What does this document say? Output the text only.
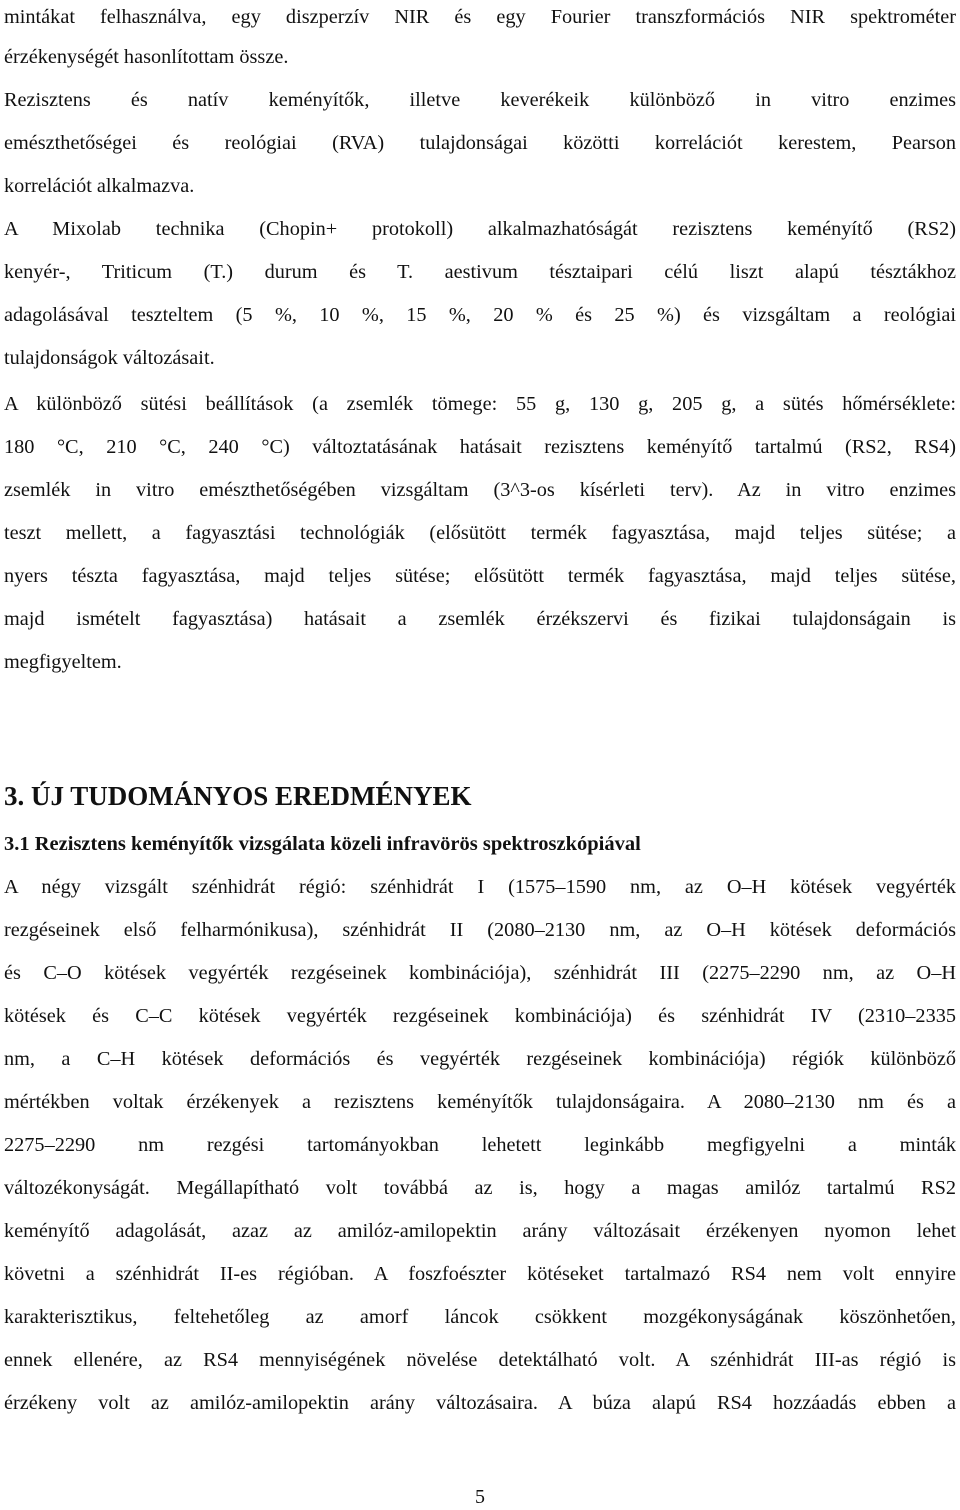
mintákat felhasználva, egy diszperzív NIR és egy Fourier transzformációs NIR spektrométer
érzékenységét hasonlítottam össze.
Rezisztens és natív keményítők, illetve keverékeik különböző in vitro enzimes
emészthetőségei és reológiai (RVA) tulajdonságai közötti korrelációt kerestem, Pearson
korrelációt alkalmazva.
A Mixolab technika (Chopin+ protokoll) alkalmazhatóságát rezisztens keményítő (RS2)
kenyér-, Triticum (T.) durum és T. aestivum tésztaipari célú liszt alapú tésztákhoz
adagolásával teszteltem (5 %, 10 %, 15 %, 20 % és 25 %) és vizsgáltam a reológiai
tulajdonságok változásait.
A különböző sütési beállítások (a zsemlék tömege: 55 g, 130 g, 205 g, a sütés hőmérséklete:
180 °C, 210 °C, 240 °C) változtatásának hatásait rezisztens keményítő tartalmú (RS2, RS4)
zsemlék in vitro emészthetőségében vizsgáltam (3^3-os kísérleti terv). Az in vitro enzimes
teszt mellett, a fagyasztási technológiák (elősütött termék fagyasztása, majd teljes sütése; a
nyers tészta fagyasztása, majd teljes sütése; elősütött termék fagyasztása, majd teljes sütése,
majd ismételt fagyasztása) hatásait a zsemlék érzékszervi és fizikai tulajdonságain is
megfigyeltem.
3. ÚJ TUDOMÁNYOS EREDMÉNYEK
3.1 Rezisztens keményítők vizsgálata közeli infravörös spektroszkópiával
A négy vizsgált szénhidrát régió: szénhidrát I (1575–1590 nm, az O–H kötések vegyérték
rezgéseinek első felharmónikusa), szénhidrát II (2080–2130 nm, az O–H kötések deformációs
és C–O kötések vegyérték rezgéseinek kombinációja), szénhidrát III (2275–2290 nm, az O–H
kötések és C–C kötések vegyérték rezgéseinek kombinációja) és szénhidrát IV (2310–2335
nm, a C–H kötések deformációs és vegyérték rezgéseinek kombinációja) régiók különböző
mértékben voltak érzékenyek a rezisztens keményítők tulajdonságaira. A 2080–2130 nm és a
2275–2290 nm rezgési tartományokban lehetett leginkább megfigyelni a minták
változékonyságát. Megállapítható volt továbbá az is, hogy a magas amilóz tartalmú RS2
keményítő adagolását, azaz az amilóz-amilopektin arány változásait érzékenyen nyomon lehet
követni a szénhidrát II-es régióban. A foszfoészter kötéseket tartalmazó RS4 nem volt ennyire
karakterisztikus, feltehetőleg az amorf láncok csökkent mozgékonyságának köszönhetően,
ennek ellenére, az RS4 mennyiségének növelése detektálható volt. A szénhidrát III-as régió is
érzékeny volt az amilóz-amilopektin arány változásaira. A búza alapú RS4 hozzáadás ebben a
5
